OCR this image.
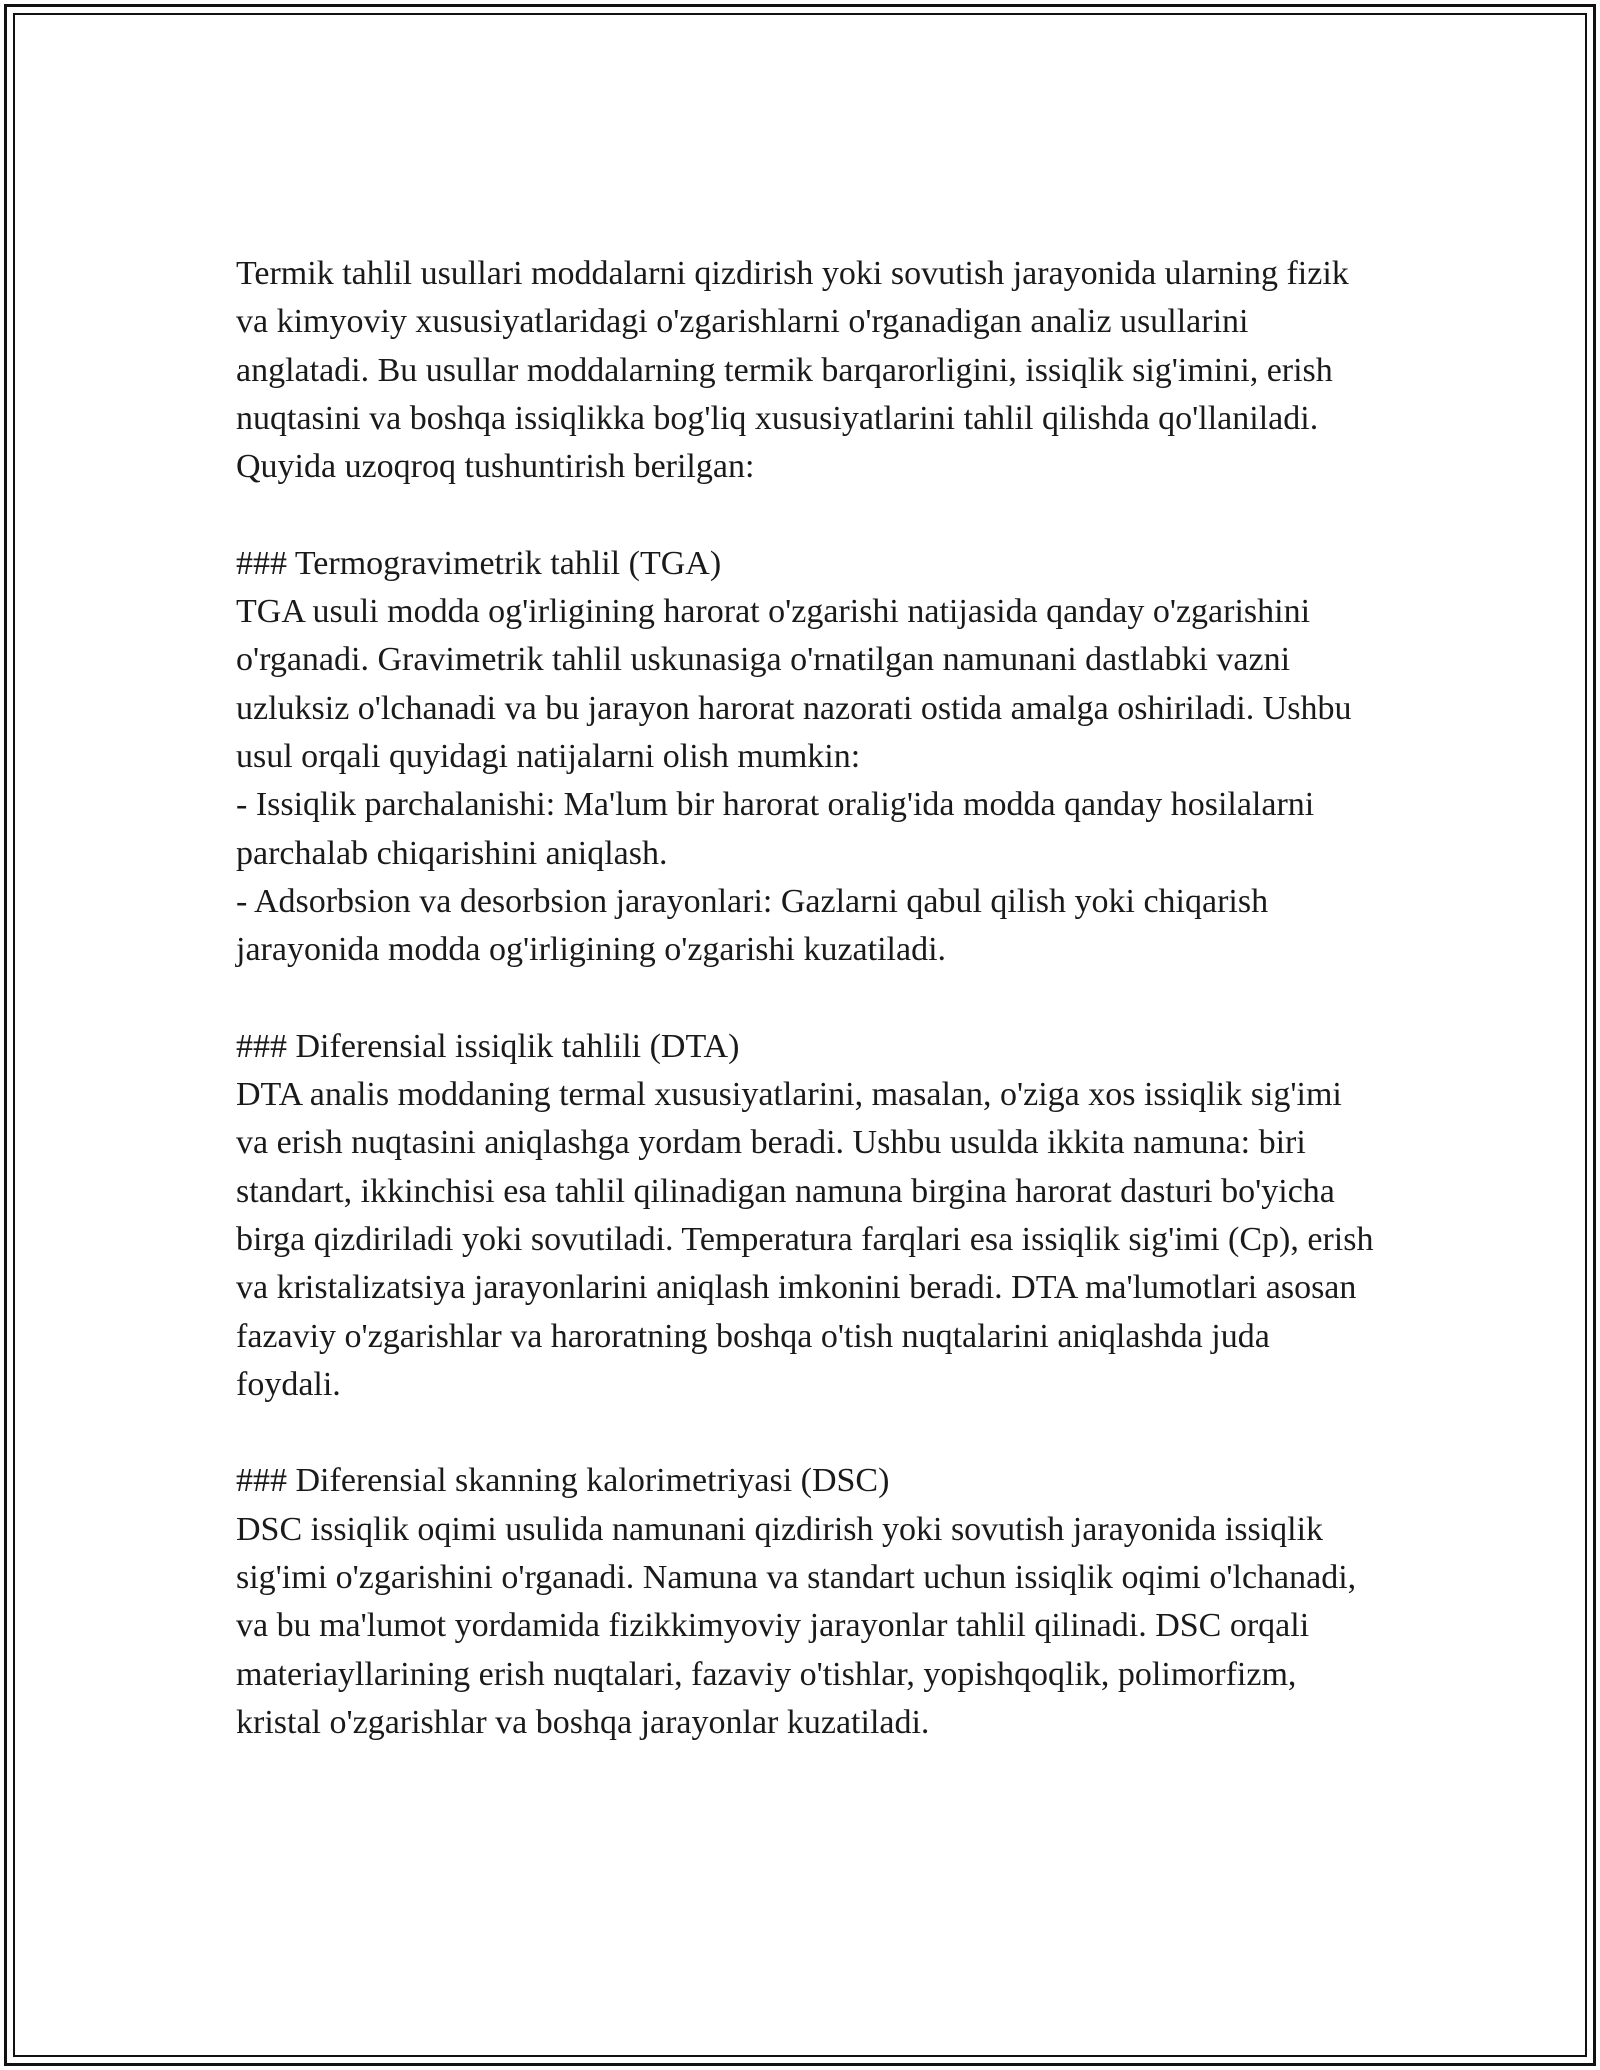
Termik tahlil usullari moddalarni qizdirish yoki sovutish jarayonida ularning fizik va kimyoviy xususiyatlaridagi o'zgarishlarni o'rganadigan analiz usullarini anglatadi. Bu usullar moddalarning termik barqarorligini, issiqlik sig'imini, erish nuqtasini va boshqa issiqlikka bog'liq xususiyatlarini tahlil qilishda qo'llaniladi. Quyida uzoqroq tushuntirish berilgan:

### Termogravimetrik tahlil (TGA)

TGA usuli modda og'irligining harorat o'zgarishi natijasida qanday o'zgarishini o'rganadi. Gravimetrik tahlil uskunasiga o'rnatilgan namunani dastlabki vazni uzluksiz o'lchanadi va bu jarayon harorat nazorati ostida amalga oshiriladi. Ushbu usul orqali quyidagi natijalarni olish mumkin:

- Issiqlik parchalanishi: Ma'lum bir harorat oralig'ida modda qanday hosilalarni parchalab chiqarishini aniqlash.

- Adsorbsion va desorbsion jarayonlari: Gazlarni qabul qilish yoki chiqarish jarayonida modda og'irligining o'zgarishi kuzatiladi.

### Diferensial issiqlik tahlili (DTA)

DTA analis moddaning termal xususiyatlarini, masalan, o'ziga xos issiqlik sig'imi va erish nuqtasini aniqlashga yordam beradi. Ushbu usulda ikkita namuna: biri standart, ikkinchisi esa tahlil qilinadigan namuna birgina harorat dasturi bo'yicha birga qizdiriladi yoki sovutiladi. Temperatura farqlari esa issiqlik sig'imi (Cp), erish va kristalizatsiya jarayonlarini aniqlash imkonini beradi. DTA ma'lumotlari asosan fazaviy o'zgarishlar va haroratning boshqa o'tish nuqtalarini aniqlashda juda foydali.

### Diferensial skanning kalorimetriyasi (DSC)

DSC issiqlik oqimi usulida namunani qizdirish yoki sovutish jarayonida issiqlik sig'imi o'zgarishini o'rganadi. Namuna va standart uchun issiqlik oqimi o'lchanadi, va bu ma'lumot yordamida fizikkimyoviy jarayonlar tahlil qilinadi. DSC orqali materiayllarining erish nuqtalari, fazaviy o'tishlar, yopishqoqlik, polimorfizm, kristal o'zgarishlar va boshqa jarayonlar kuzatiladi.
